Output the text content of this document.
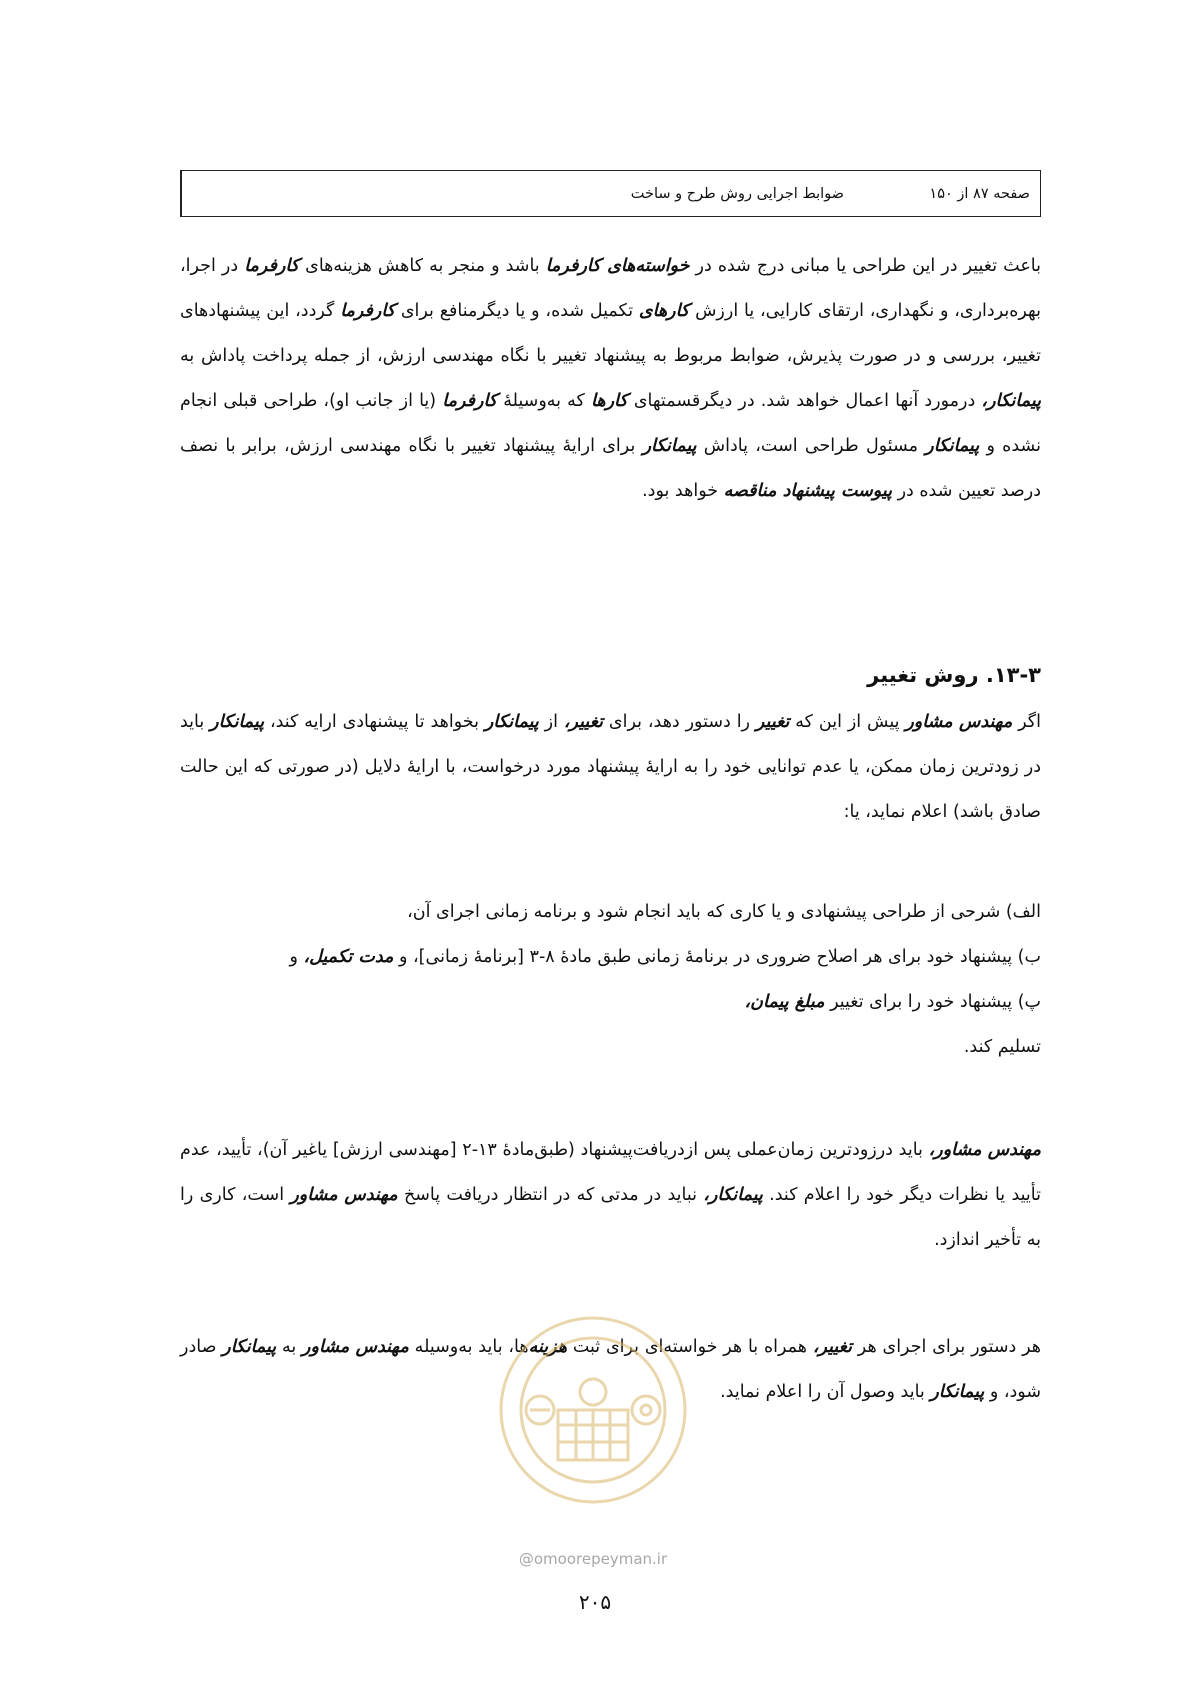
ضوابط اجرایی روش طرح و ساخت	صفحه ۸۷ از ۱۵۰

باعث تغییر در این طراحی یا مبانی درج شده در خواسته‌های کارفرما باشد و منجر به کاهش هزینه‌های کارفرما در اجرا، بهره‌برداری، و نگهداری، ارتقای کارایی، یا ارزش کارهای تکمیل شده، و یا دیگرمنافع برای کارفرما گردد، این پیشنهادهای تغییر، بررسی و در صورت پذیرش، ضوابط مربوط به پیشنهاد تغییر با نگاه مهندسی ارزش، از جمله پرداخت پاداش به پیمانکار، درمورد آنها اعمال خواهد شد. در دیگرقسمتهای کارها که به‌وسیلهٔ کارفرما (یا از جانب او)، طراحی قبلی انجام نشده و پیمانکار مسئول طراحی است، پاداش پیمانکار برای ارایهٔ پیشنهاد تغییر با نگاه مهندسی ارزش، برابر با نصف درصد تعیین شده در پیوست پیشنهاد مناقصه خواهد بود.

۱۳-۳. روش تغییر

اگر مهندس مشاور پیش از این که تغییر را دستور دهد، برای تغییر، از پیمانکار بخواهد تا پیشنهادی ارایه کند، پیمانکار باید در زودترین زمان ممکن، یا عدم توانایی خود را به ارایهٔ پیشنهاد مورد درخواست، با ارایهٔ دلایل (در صورتی که این حالت صادق باشد) اعلام نماید، یا:

الف) شرحی از طراحی پیشنهادی و یا کاری که باید انجام شود و برنامه زمانی اجرای آن،

ب) پیشنهاد خود برای هر اصلاح ضروری در برنامهٔ زمانی طبق مادهٔ ۸-۳ [برنامهٔ زمانی]، و مدت تکمیل، و

پ) پیشنهاد خود را برای تغییر مبلغ پیمان،

تسلیم کند.

مهندس مشاور، باید درزودترین زمان‌عملی پس ازدریافت‌پیشنهاد (طبق‌مادهٔ ۱۳-۲ [مهندسی ارزش] یاغیر آن)، تأیید، عدم تأیید یا نظرات دیگر خود را اعلام کند. پیمانکار، نباید در مدتی که در انتظار دریافت پاسخ مهندس مشاور است، کاری را به تأخیر اندازد.

هر دستور برای اجرای هر تغییر، همراه با هر خواسته‌ای برای ثبت هزینه‌ها، باید به‌وسیله مهندس مشاور به پیمانکار صادر شود، و پیمانکار باید وصول آن را اعلام نماید.

@omoorepeyman.ir
۲۰۵
